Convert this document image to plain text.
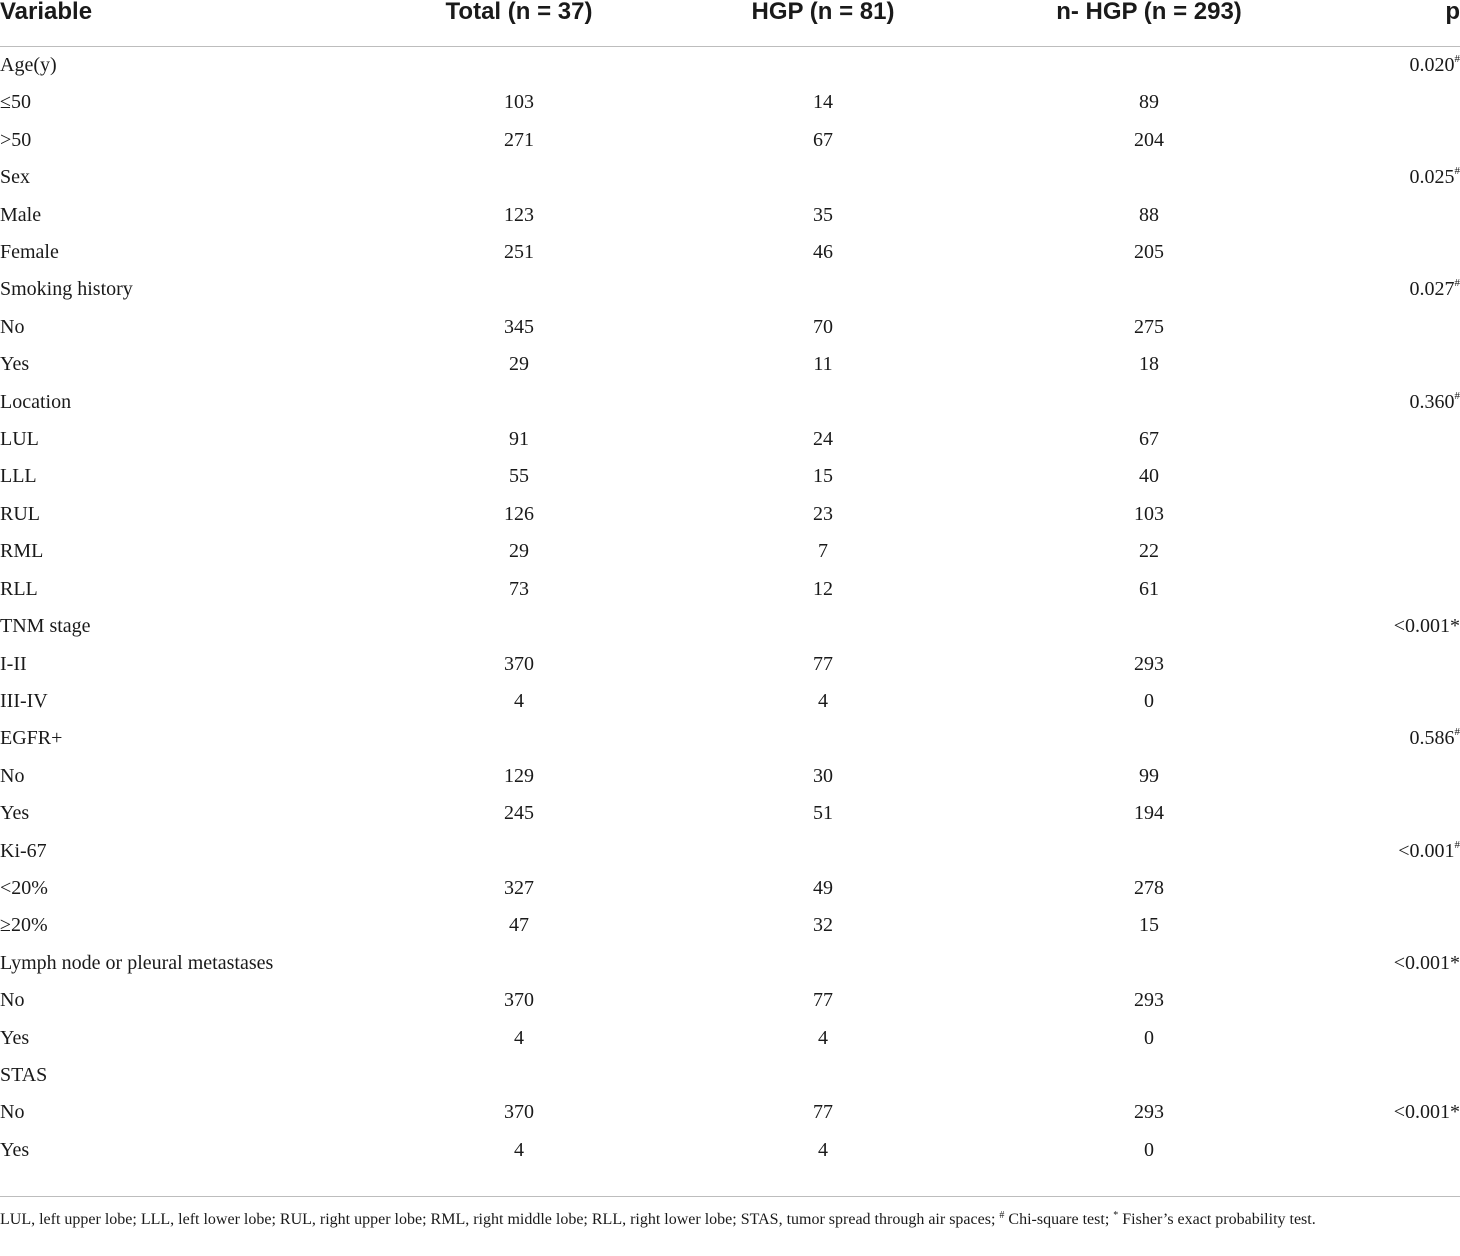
Variable	Total (n = 37)	HGP (n = 81)	n- HGP (n = 293)	p
Age(y)				0.020#
≤50	103	14	89	
>50	271	67	204	
Sex				0.025#
Male	123	35	88	
Female	251	46	205	
Smoking history				0.027#
No	345	70	275	
Yes	29	11	18	
Location				0.360#
LUL	91	24	67	
LLL	55	15	40	
RUL	126	23	103	
RML	29	7	22	
RLL	73	12	61	
TNM stage				<0.001*
I-II	370	77	293	
III-IV	4	4	0	
EGFR+				0.586#
No	129	30	99	
Yes	245	51	194	
Ki-67				<0.001#
<20%	327	49	278	
≥20%	47	32	15	
Lymph node or pleural metastases				<0.001*
No	370	77	293	
Yes	4	4	0	
STAS				
No	370	77	293	<0.001*
Yes	4	4	0	
LUL, left upper lobe; LLL, left lower lobe; RUL, right upper lobe; RML, right middle lobe; RLL, right lower lobe; STAS, tumor spread through air spaces; # Chi-square test; * Fisher’s exact probability test.
